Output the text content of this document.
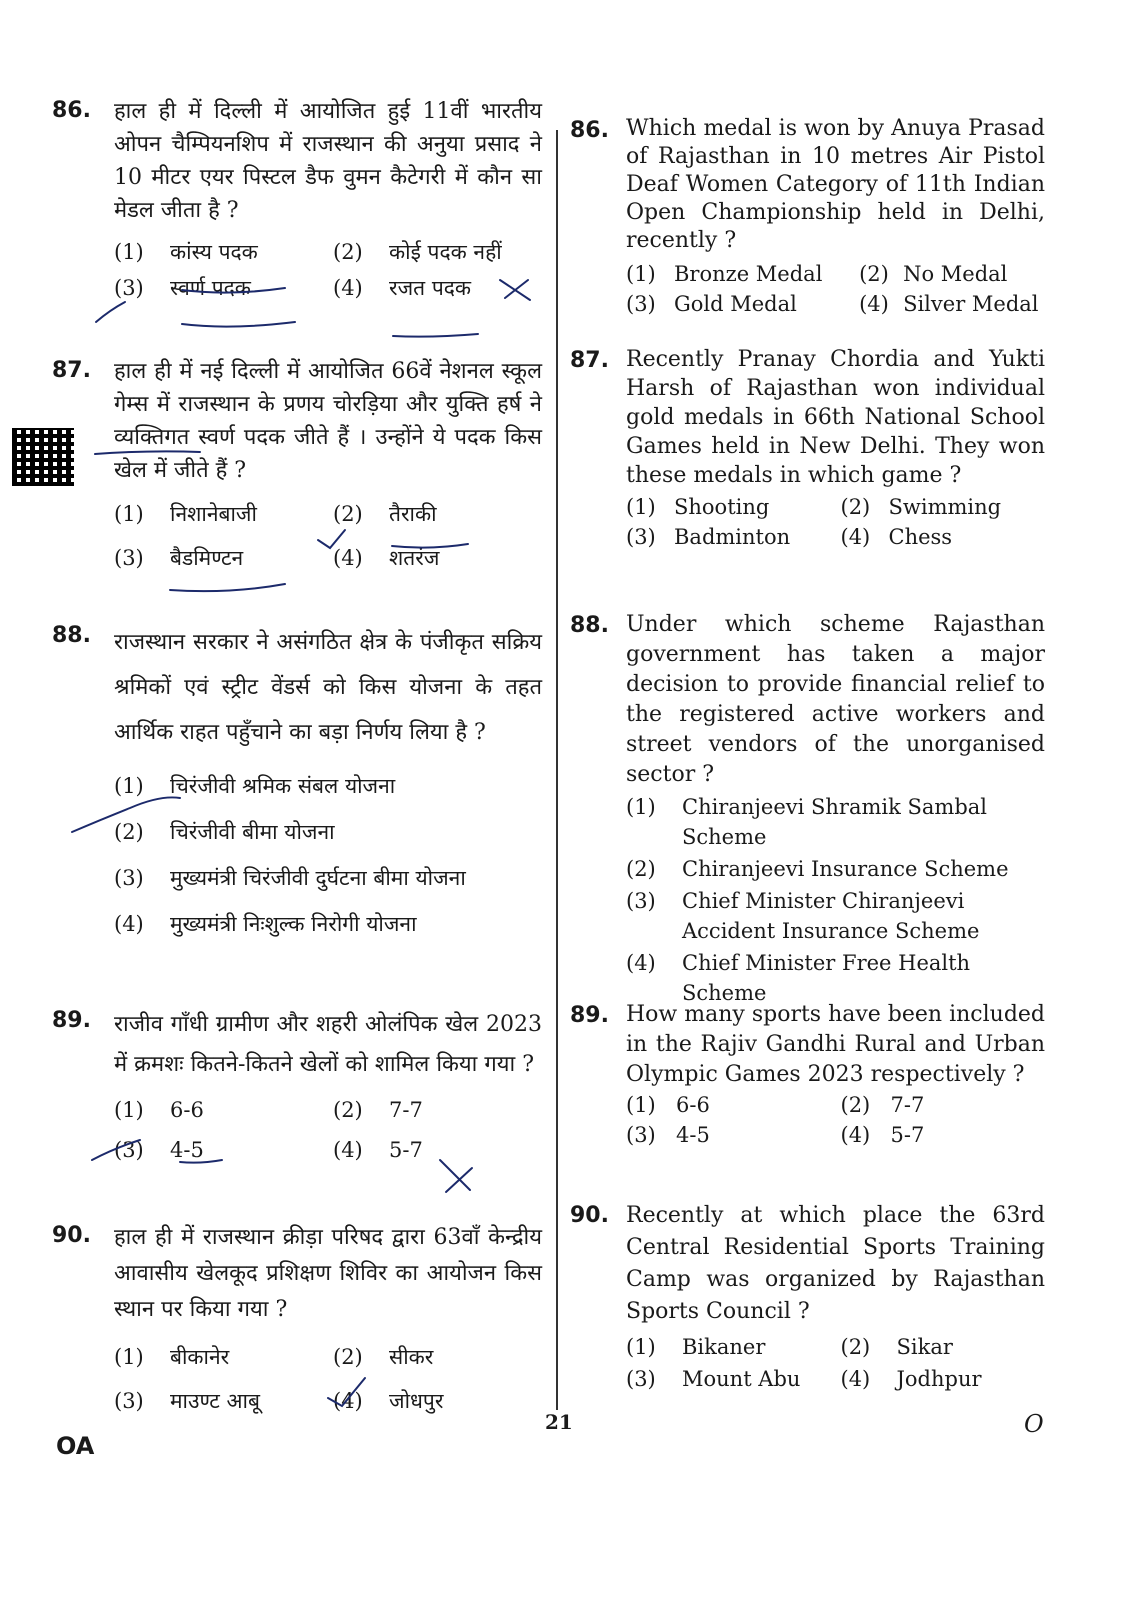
86.	हाल ही में दिल्ली में आयोजित हुई 11वीं भारतीय ओपन चैम्पियनशिप में राजस्थान की अनुया प्रसाद ने 10 मीटर एयर पिस्टल डैफ वुमन कैटेगरी में कौन सा मेडल जीता है ?
(1)	कांस्य पदक	(2)	कोई पदक नहीं
(3)	स्वर्ण पदक	(4)	रजत पदक
87.	हाल ही में नई दिल्ली में आयोजित 66वें नेशनल स्कूल गेम्स में राजस्थान के प्रणय चोरड़िया और युक्ति हर्ष ने व्यक्तिगत स्वर्ण पदक जीते हैं । उन्होंने ये पदक किस खेल में जीते हैं ?
(1)	निशानेबाजी	(2)	तैराकी
(3)	बैडमिण्टन	(4)	शतरंज
88.	राजस्थान सरकार ने असंगठित क्षेत्र के पंजीकृत सक्रिय श्रमिकों एवं स्ट्रीट वेंडर्स को किस योजना के तहत आर्थिक राहत पहुँचाने का बड़ा निर्णय लिया है ?
(1)	चिरंजीवी श्रमिक संबल योजना
(2)	चिरंजीवी बीमा योजना
(3)	मुख्यमंत्री चिरंजीवी दुर्घटना बीमा योजना
(4)	मुख्यमंत्री निःशुल्क निरोगी योजना
89.	राजीव गाँधी ग्रामीण और शहरी ओलंपिक खेल 2023 में क्रमशः कितने-कितने खेलों को शामिल किया गया ?
(1)	6-6	(2)	7-7
(3)	4-5	(4)	5-7
90.	हाल ही में राजस्थान क्रीड़ा परिषद द्वारा 63वाँ केन्द्रीय आवासीय खेलकूद प्रशिक्षण शिविर का आयोजन किस स्थान पर किया गया ?
(1)	बीकानेर	(2)	सीकर
(3)	माउण्ट आबू	(4)	जोधपुर
86. Which medal is won by Anuya Prasad of Rajasthan in 10 metres Air Pistol Deaf Women Category of 11th Indian Open Championship held in Delhi, recently ?
(1) Bronze Medal	(2) No Medal
(3) Gold Medal	(4) Silver Medal
87. Recently Pranay Chordia and Yukti Harsh of Rajasthan won individual gold medals in 66th National School Games held in New Delhi. They won these medals in which game ?
(1) Shooting	(2) Swimming
(3) Badminton	(4) Chess
88. Under which scheme Rajasthan government has taken a major decision to provide financial relief to the registered active workers and street vendors of the unorganised sector ?
(1)	Chiranjeevi Shramik Sambal Scheme
(2)	Chiranjeevi Insurance Scheme
(3)	Chief Minister Chiranjeevi Accident Insurance Scheme
(4)	Chief Minister Free Health Scheme
89. How many sports have been included in the Rajiv Gandhi Rural and Urban Olympic Games 2023 respectively ?
(1) 6-6	(2) 7-7
(3) 4-5	(4) 5-7
90. Recently at which place the 63rd Central Residential Sports Training Camp was organized by Rajasthan Sports Council ?
(1)	Bikaner	(2)	Sikar
(3)	Mount Abu	(4)	Jodhpur
21
OA
O
